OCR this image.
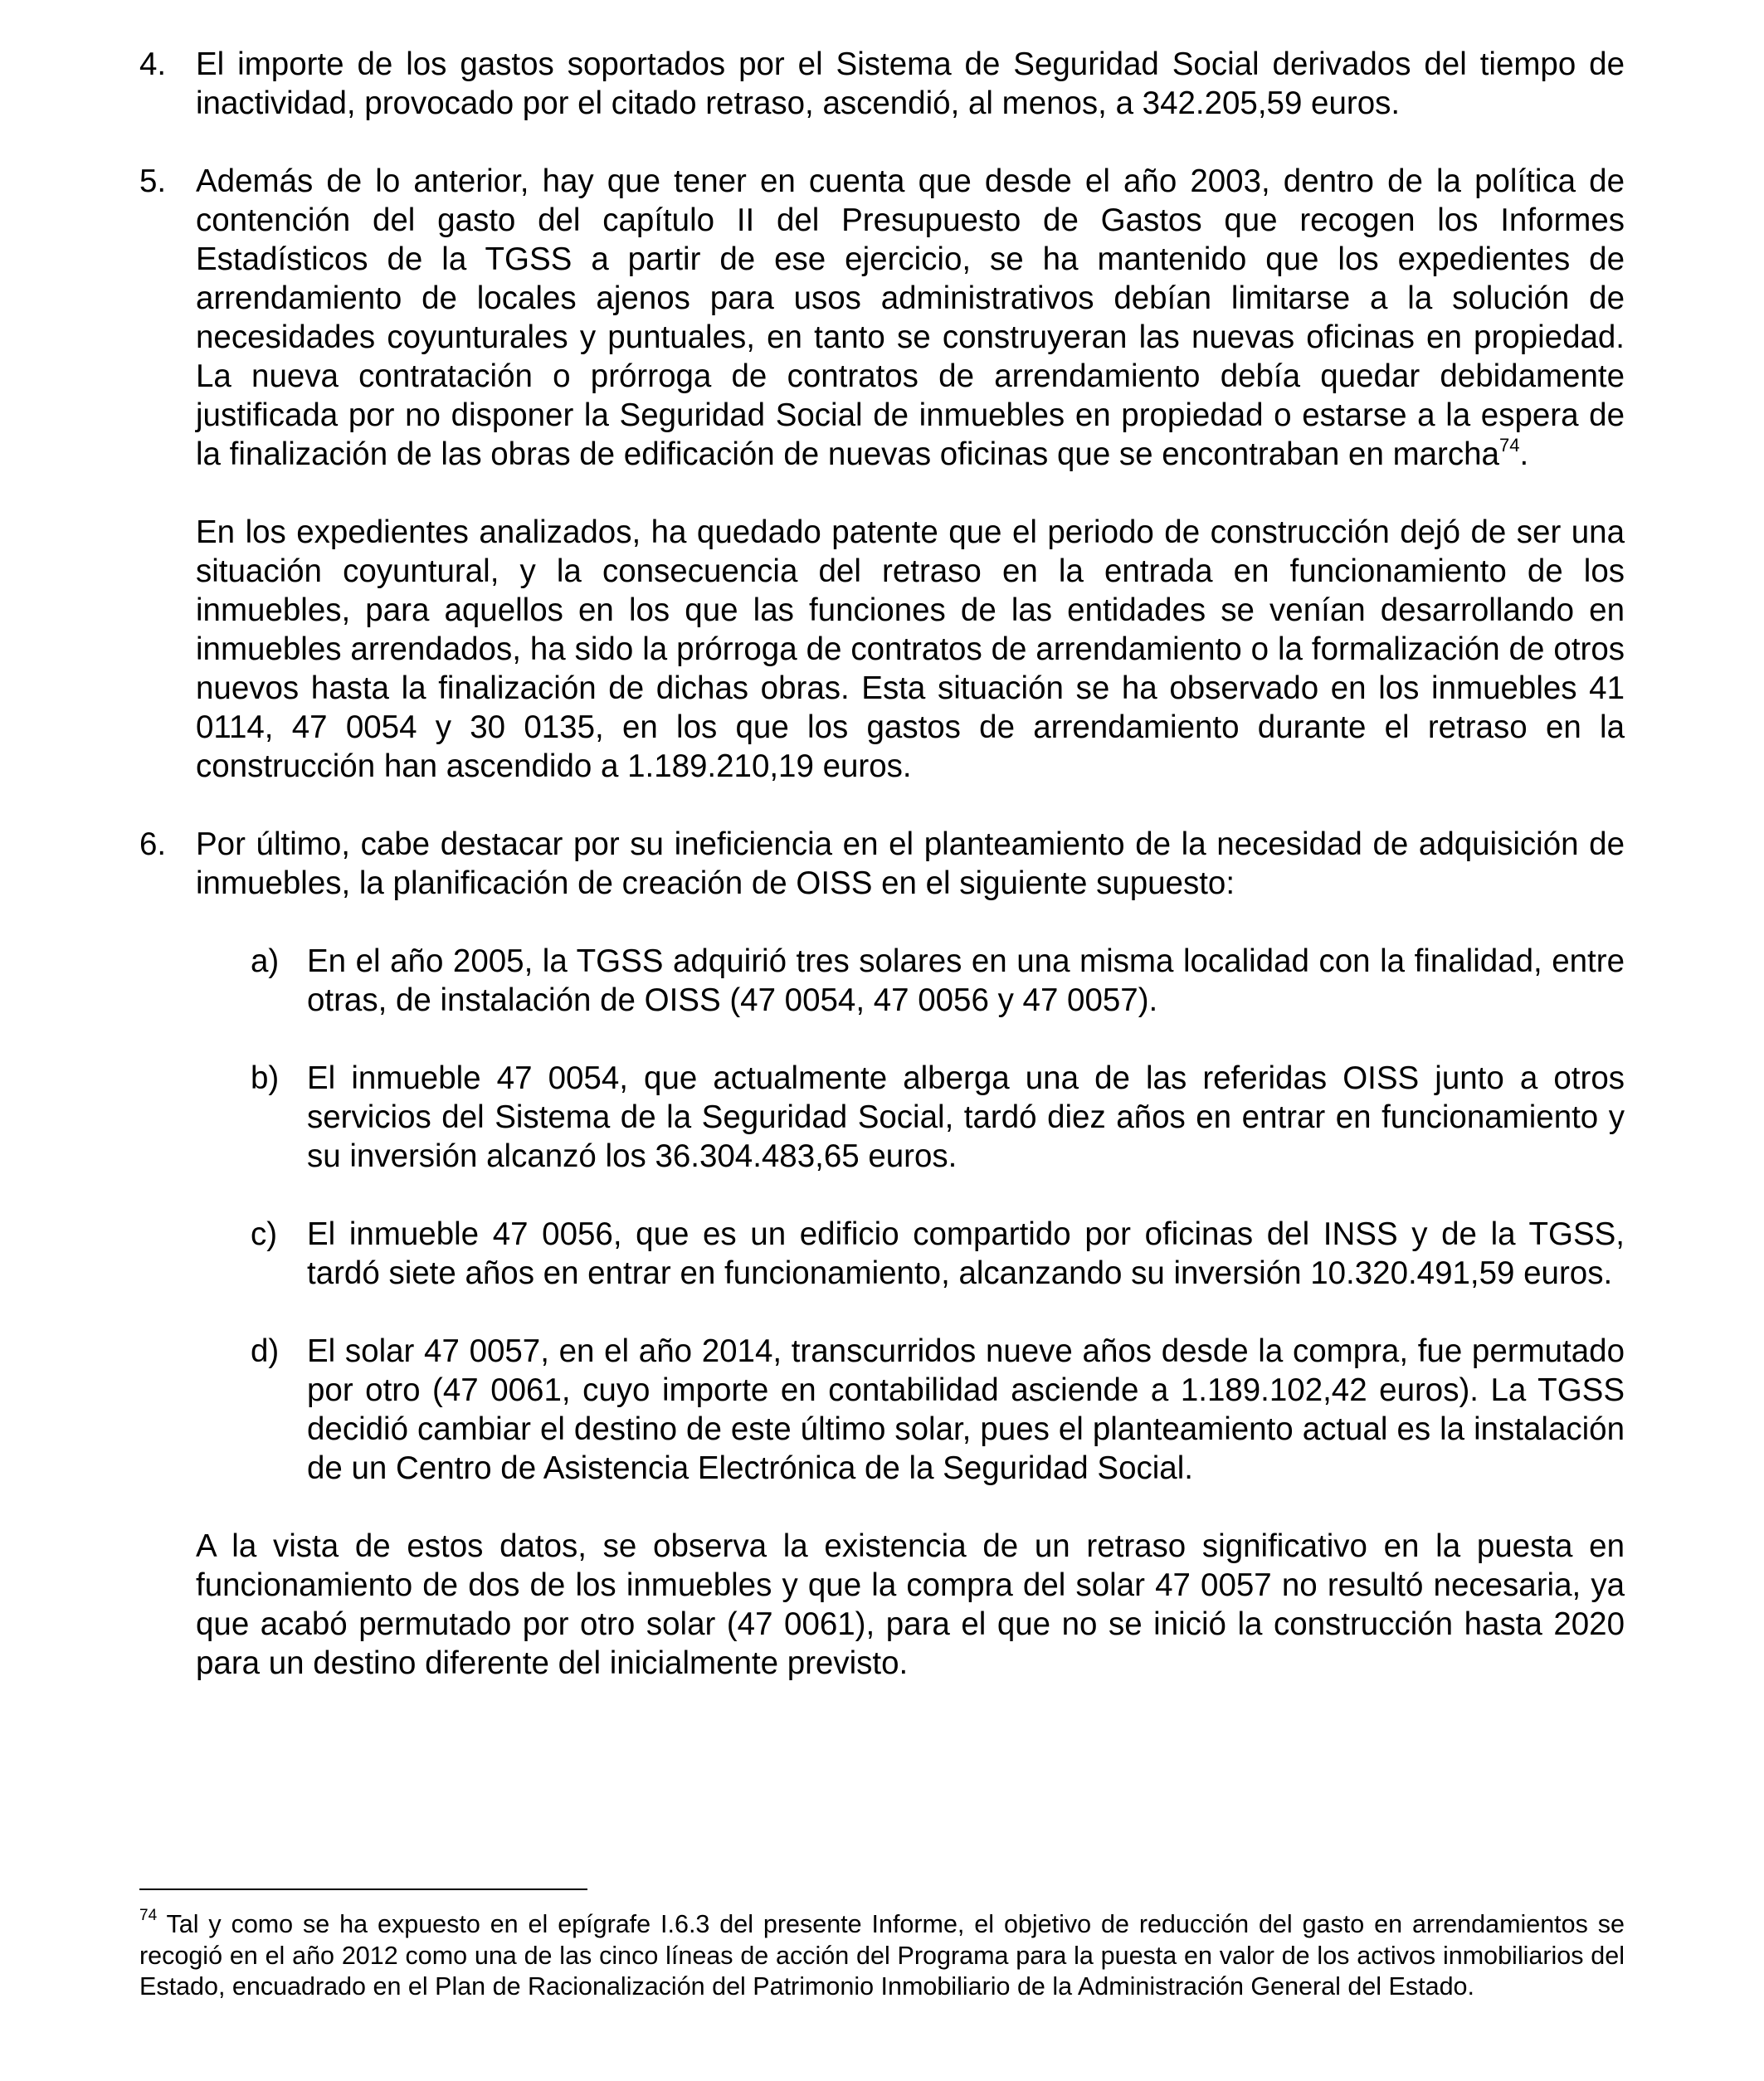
4. El importe de los gastos soportados por el Sistema de Seguridad Social derivados del tiempo de inactividad, provocado por el citado retraso, ascendió, al menos, a 342.205,59 euros.
5. Además de lo anterior, hay que tener en cuenta que desde el año 2003, dentro de la política de contención del gasto del capítulo II del Presupuesto de Gastos que recogen los Informes Estadísticos de la TGSS a partir de ese ejercicio, se ha mantenido que los expedientes de arrendamiento de locales ajenos para usos administrativos debían limitarse a la solución de necesidades coyunturales y puntuales, en tanto se construyeran las nuevas oficinas en propiedad. La nueva contratación o prórroga de contratos de arrendamiento debía quedar debidamente justificada por no disponer la Seguridad Social de inmuebles en propiedad o estarse a la espera de la finalización de las obras de edificación de nuevas oficinas que se encontraban en marcha$^{74}$.
En los expedientes analizados, ha quedado patente que el periodo de construcción dejó de ser una situación coyuntural, y la consecuencia del retraso en la entrada en funcionamiento de los inmuebles, para aquellos en los que las funciones de las entidades se venían desarrollando en inmuebles arrendados, ha sido la prórroga de contratos de arrendamiento o la formalización de otros nuevos hasta la finalización de dichas obras. Esta situación se ha observado en los inmuebles 41 0114, 47 0054 y 30 0135, en los que los gastos de arrendamiento durante el retraso en la construcción han ascendido a 1.189.210,19 euros.
6. Por último, cabe destacar por su ineficiencia en el planteamiento de la necesidad de adquisición de inmuebles, la planificación de creación de OISS en el siguiente supuesto:
a) En el año 2005, la TGSS adquirió tres solares en una misma localidad con la finalidad, entre otras, de instalación de OISS (47 0054, 47 0056 y 47 0057).
b) El inmueble 47 0054, que actualmente alberga una de las referidas OISS junto a otros servicios del Sistema de la Seguridad Social, tardó diez años en entrar en funcionamiento y su inversión alcanzó los 36.304.483,65 euros.
c) El inmueble 47 0056, que es un edificio compartido por oficinas del INSS y de la TGSS, tardó siete años en entrar en funcionamiento, alcanzando su inversión 10.320.491,59 euros.
d) El solar 47 0057, en el año 2014, transcurridos nueve años desde la compra, fue permutado por otro (47 0061, cuyo importe en contabilidad asciende a 1.189.102,42 euros). La TGSS decidió cambiar el destino de este último solar, pues el planteamiento actual es la instalación de un Centro de Asistencia Electrónica de la Seguridad Social.
A la vista de estos datos, se observa la existencia de un retraso significativo en la puesta en funcionamiento de dos de los inmuebles y que la compra del solar 47 0057 no resultó necesaria, ya que acabó permutado por otro solar (47 0061), para el que no se inició la construcción hasta 2020 para un destino diferente del inicialmente previsto.
$^{74}$ Tal y como se ha expuesto en el epígrafe I.6.3 del presente Informe, el objetivo de reducción del gasto en arrendamientos se recogió en el año 2012 como una de las cinco líneas de acción del Programa para la puesta en valor de los activos inmobiliarios del Estado, encuadrado en el Plan de Racionalización del Patrimonio Inmobiliario de la Administración General del Estado.
